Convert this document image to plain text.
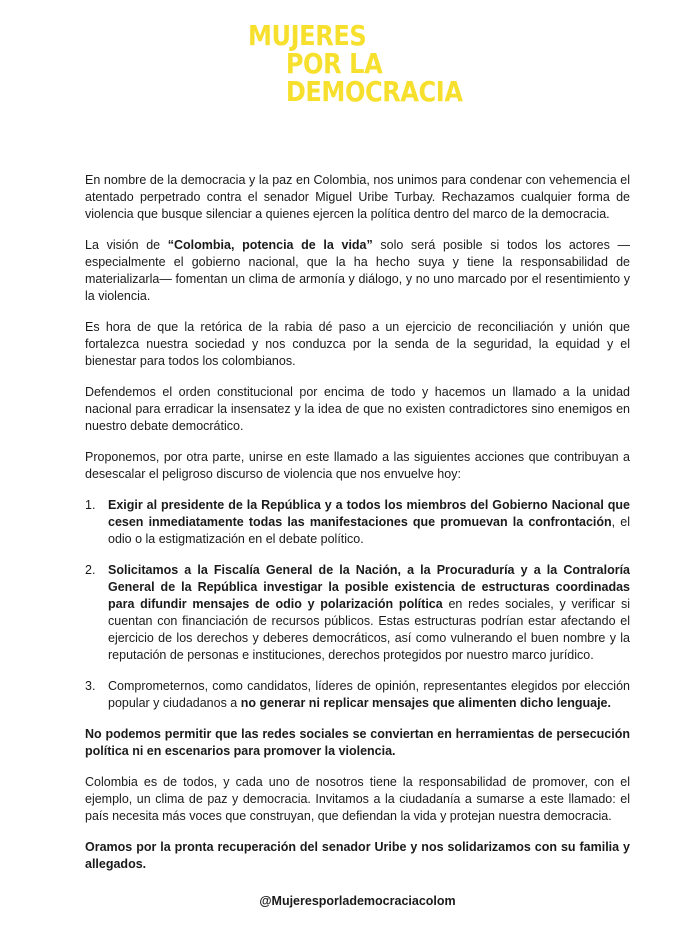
MUJERES
POR LA
DEMOCRACIA

En nombre de la democracia y la paz en Colombia, nos unimos para condenar con vehemencia el atentado perpetrado contra el senador Miguel Uribe Turbay. Rechazamos cualquier forma de violencia que busque silenciar a quienes ejercen la política dentro del marco de la democracia.

La visión de “Colombia, potencia de la vida” solo será posible si todos los actores —especialmente el gobierno nacional, que la ha hecho suya y tiene la responsabilidad de materializarla— fomentan un clima de armonía y diálogo, y no uno marcado por el resentimiento y la violencia.

Es hora de que la retórica de la rabia dé paso a un ejercicio de reconciliación y unión que fortalezca nuestra sociedad y nos conduzca por la senda de la seguridad, la equidad y el bienestar para todos los colombianos.

Defendemos el orden constitucional por encima de todo y hacemos un llamado a la unidad nacional para erradicar la insensatez y la idea de que no existen contradictores sino enemigos en nuestro debate democrático.

Proponemos, por otra parte, unirse en este llamado a las siguientes acciones que contribuyan a desescalar el peligroso discurso de violencia que nos envuelve hoy:

1. Exigir al presidente de la República y a todos los miembros del Gobierno Nacional que cesen inmediatamente todas las manifestaciones que promuevan la confrontación, el odio o la estigmatización en el debate político.
2. Solicitamos a la Fiscalía General de la Nación, a la Procuraduría y a la Contraloría General de la República investigar la posible existencia de estructuras coordinadas para difundir mensajes de odio y polarización política en redes sociales, y verificar si cuentan con financiación de recursos públicos. Estas estructuras podrían estar afectando el ejercicio de los derechos y deberes democráticos, así como vulnerando el buen nombre y la reputación de personas e instituciones, derechos protegidos por nuestro marco jurídico.
3. Comprometernos, como candidatos, líderes de opinión, representantes elegidos por elección popular y ciudadanos a no generar ni replicar mensajes que alimenten dicho lenguaje.

No podemos permitir que las redes sociales se conviertan en herramientas de persecución política ni en escenarios para promover la violencia.

Colombia es de todos, y cada uno de nosotros tiene la responsabilidad de promover, con el ejemplo, un clima de paz y democracia. Invitamos a la ciudadanía a sumarse a este llamado: el país necesita más voces que construyan, que defiendan la vida y protejan nuestra democracia.

Oramos por la pronta recuperación del senador Uribe y nos solidarizamos con su familia y allegados.

@Mujeresporlademocraciacolom
